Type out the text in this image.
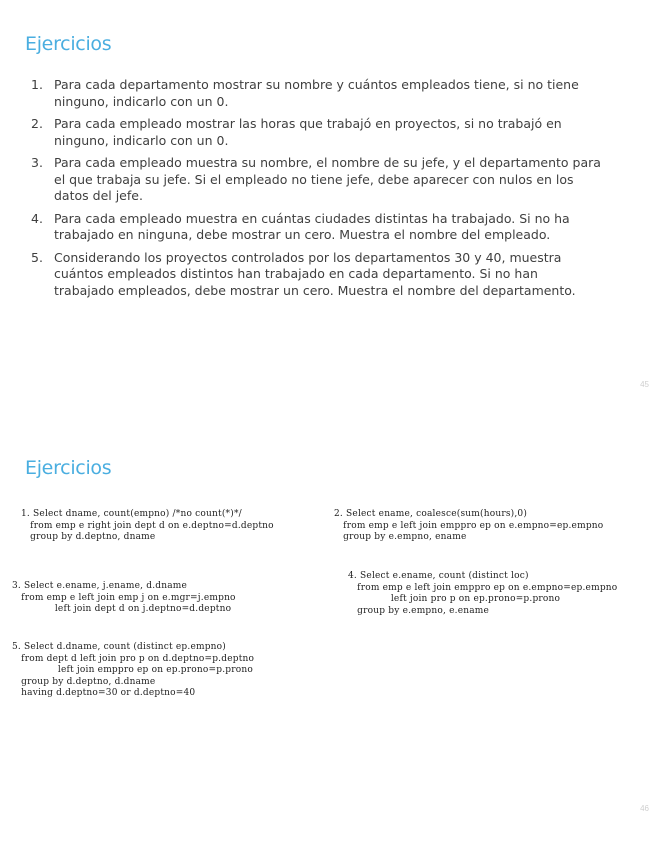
Ejercicios
1. Para cada departamento mostrar su nombre y cuántos empleados tiene, si no tiene ninguno, indicarlo con un 0.
2. Para cada empleado mostrar las horas que trabajó en proyectos, si no trabajó en ninguno, indicarlo con un 0.
3. Para cada empleado muestra su nombre, el nombre de su jefe, y el departamento para el que trabaja su jefe. Si el empleado no tiene jefe, debe aparecer con nulos en los datos del jefe.
4. Para cada empleado muestra en cuántas ciudades distintas ha trabajado. Si no ha trabajado en ninguna, debe mostrar un cero. Muestra el nombre del empleado.
5. Considerando los proyectos controlados por los departamentos 30 y 40, muestra cuántos empleados distintos han trabajado en cada departamento. Si no han trabajado empleados, debe mostrar un cero. Muestra el nombre del departamento.
45
Ejercicios
1. Select dname, count(empno) /*no count(*)*/
from emp e right join dept d on e.deptno=d.deptno
group by d.deptno, dname
2. Select ename, coalesce(sum(hours),0)
from emp e left join emppro ep on e.empno=ep.empno
group by e.empno, ename
3. Select e.ename, j.ename, d.dname
from emp e left join emp j on e.mgr=j.empno
left join dept d on j.deptno=d.deptno
4. Select e.ename, count (distinct loc)
from emp e left join emppro ep on e.empno=ep.empno
left join pro p on ep.prono=p.prono
group by e.empno, e.ename
5. Select d.dname, count (distinct ep.empno)
from dept d left join pro p on d.deptno=p.deptno
left join emppro ep on ep.prono=p.prono
group by d.deptno, d.dname
having d.deptno=30 or d.deptno=40
46
